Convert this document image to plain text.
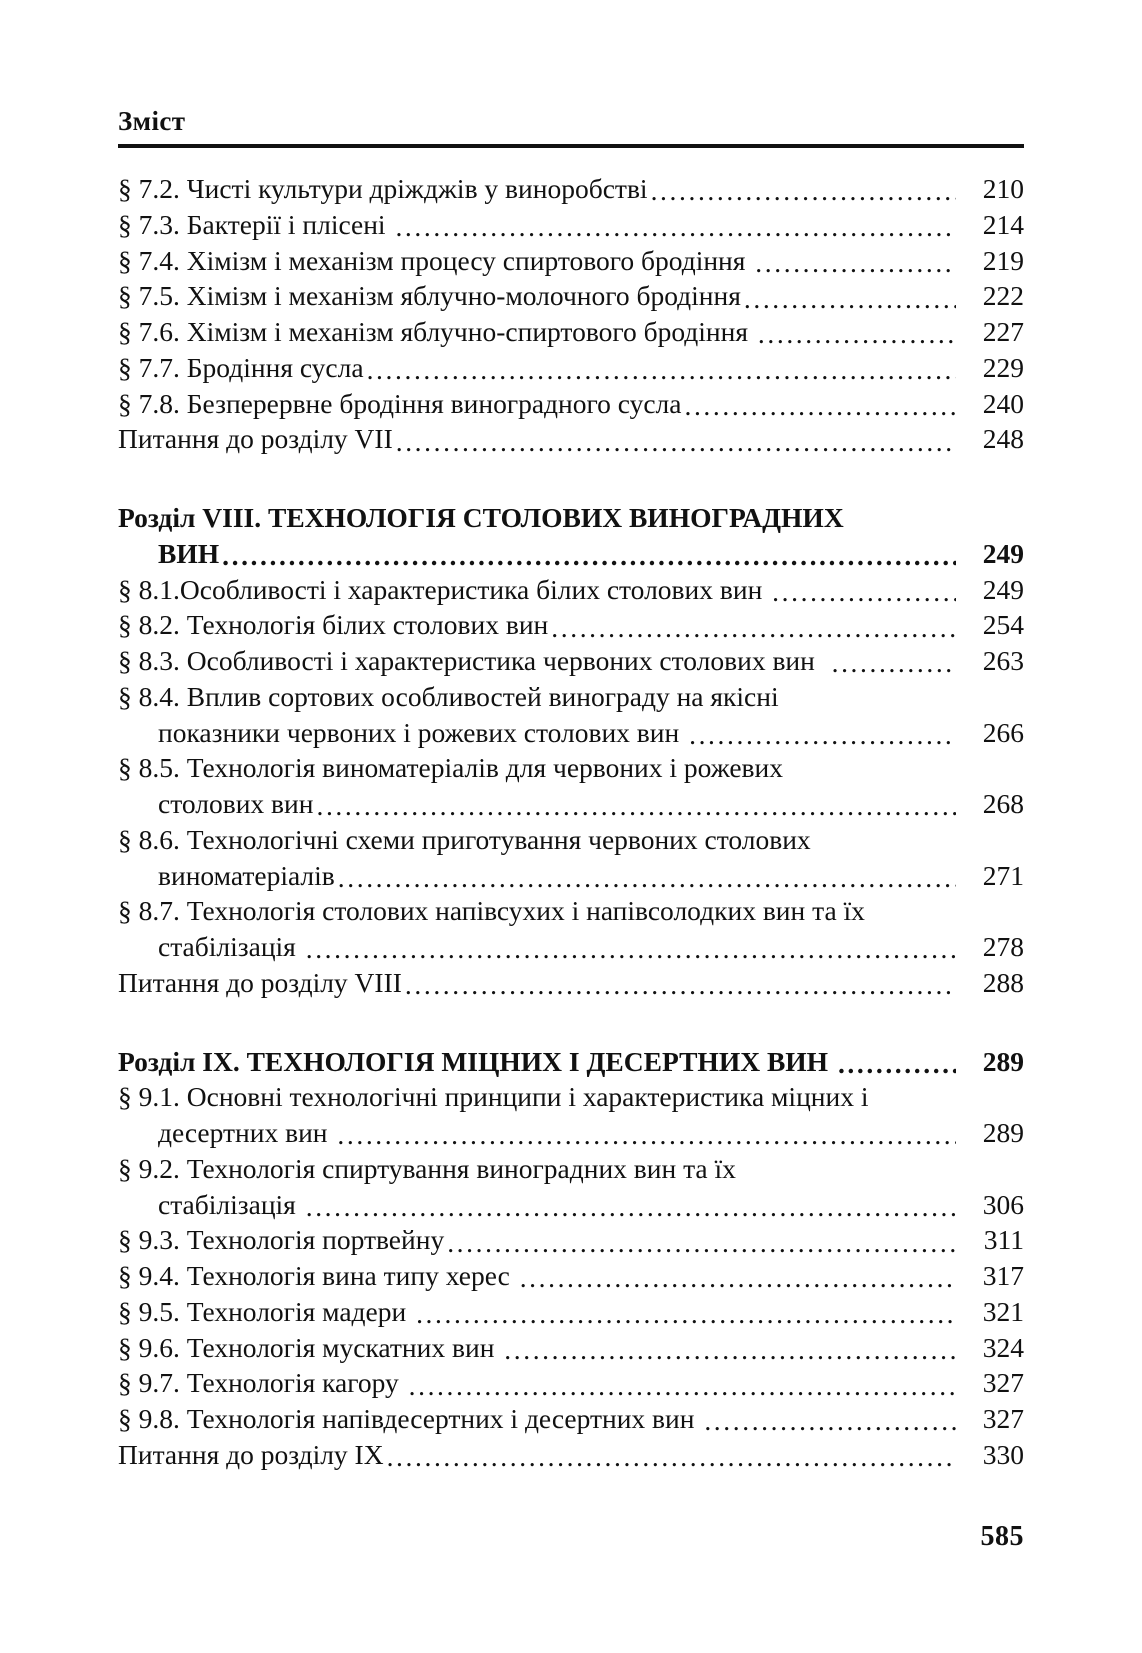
Зміст
§ 7.2. Чисті культури дріжджів у виноробстві .....	210
§ 7.3. Бактерії і плісені .....	214
§ 7.4. Хімізм і механізм процесу спиртового бродіння .....	219
§ 7.5. Хімізм і механізм яблучно-молочного бродіння .....	222
§ 7.6. Хімізм і механізм яблучно-спиртового бродіння .....	227
§ 7.7. Бродіння сусла .....	229
§ 7.8. Безперервне бродіння виноградного сусла .....	240
Питання до розділу VII .....	248
Розділ VIII. ТЕХНОЛОГІЯ СТОЛОВИХ ВИНОГРАДНИХ
ВИН .....	249
§ 8.1.Особливості і характеристика білих столових вин .....	249
§ 8.2. Технологія білих столових вин .....	254
§ 8.3. Особливості і характеристика червоних столових вин .....	263
§ 8.4. Вплив сортових особливостей винограду на якісні
показники червоних і рожевих столових вин .....	266
§ 8.5. Технологія виноматеріалів для червоних і рожевих
столових вин .....	268
§ 8.6. Технологічні схеми приготування червоних столових
виноматеріалів .....	271
§ 8.7. Технологія столових напівсухих і напівсолодких вин та їх
стабілізація .....	278
Питання до розділу VIII .....	288
Розділ IX. ТЕХНОЛОГІЯ МІЦНИХ І ДЕСЕРТНИХ ВИН .....	289
§ 9.1. Основні технологічні принципи і характеристика міцних і
десертних вин .....	289
§ 9.2. Технологія спиртування виноградних вин та їх
стабілізація .....	306
§ 9.3. Технологія портвейну .....	311
§ 9.4. Технологія вина типу херес .....	317
§ 9.5. Технологія мадери .....	321
§ 9.6. Технологія мускатних вин .....	324
§ 9.7. Технологія кагору .....	327
§ 9.8. Технологія напівдесертних і десертних вин .....	327
Питання до розділу IX .....	330
585
